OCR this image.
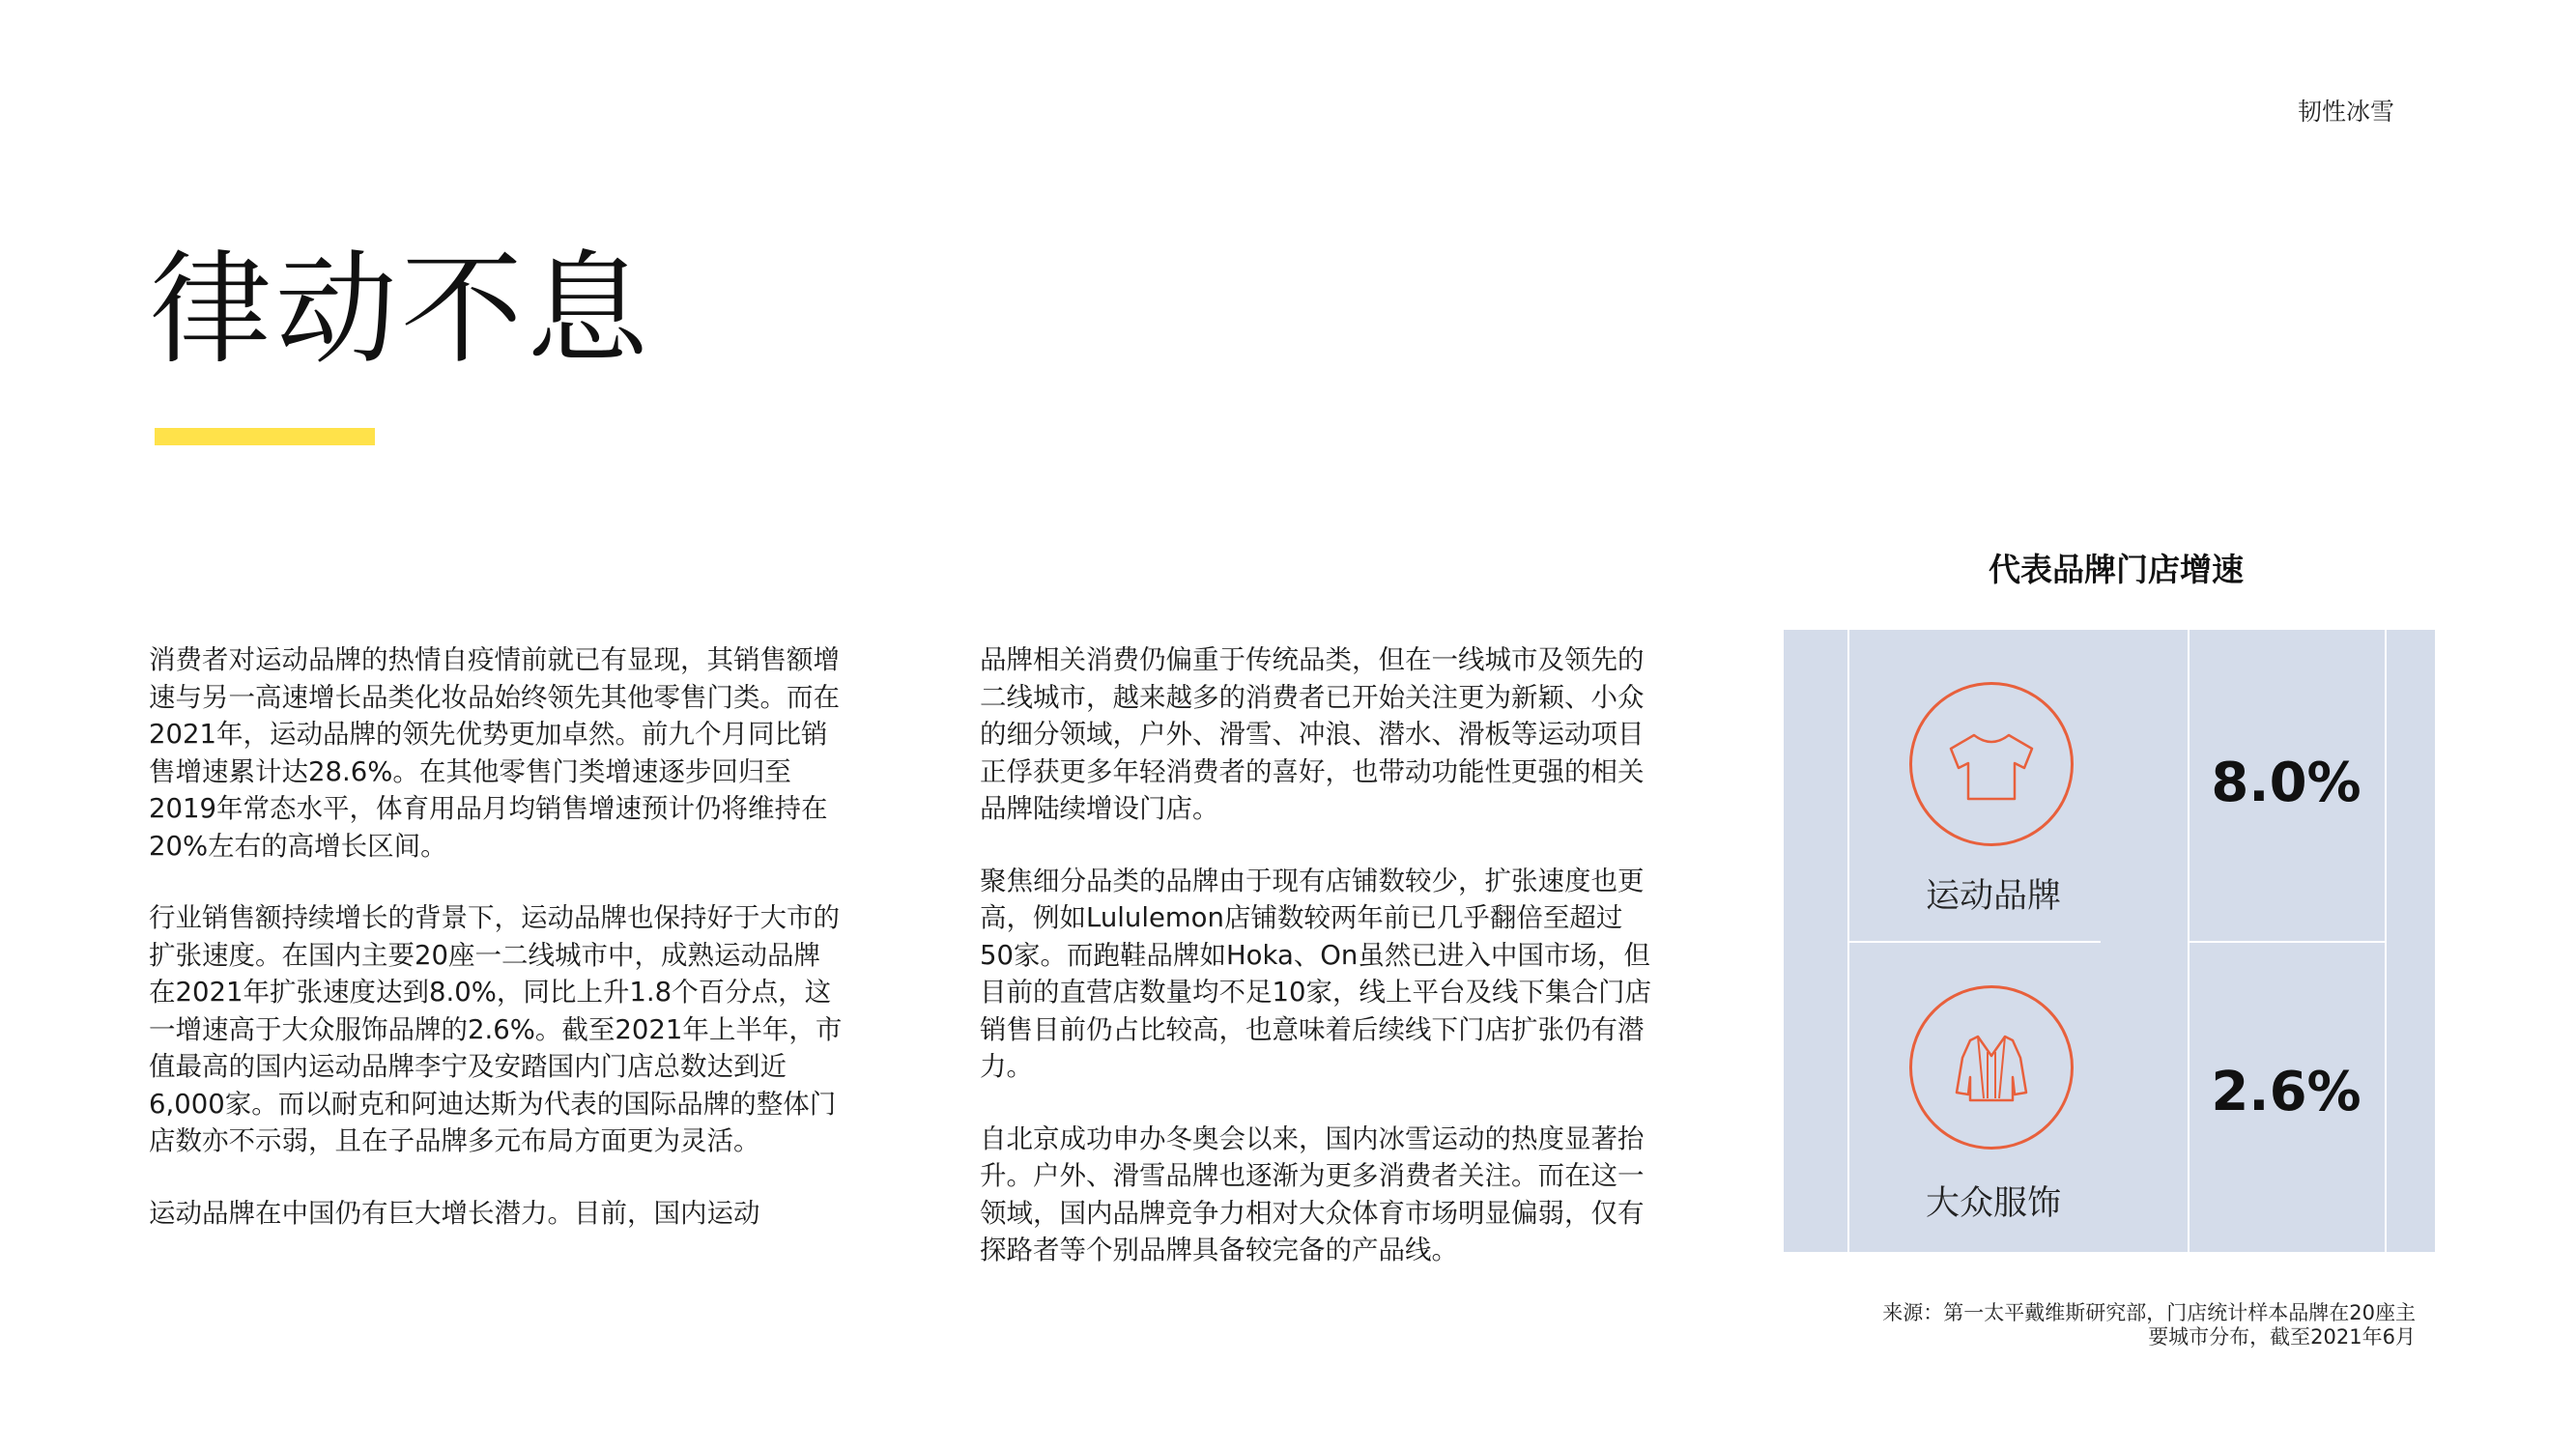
韧性冰雪
律动不息

消费者对运动品牌的热情自疫情前就已有显现，其销售额增速与另一高速增长品类化妆品始终领先其他零售门类。而在2021年，运动品牌的领先优势更加卓然。前九个月同比销售增速累计达28.6%。在其他零售门类增速逐步回归至2019年常态水平，体育用品月均销售增速预计仍将维持在20%左右的高增长区间。

行业销售额持续增长的背景下，运动品牌也保持好于大市的扩张速度。在国内主要20座一二线城市中，成熟运动品牌在2021年扩张速度达到8.0%，同比上升1.8个百分点，这一增速高于大众服饰品牌的2.6%。截至2021年上半年，市值最高的国内运动品牌李宁及安踏国内门店总数达到近6,000家。而以耐克和阿迪达斯为代表的国际品牌的整体门店数亦不示弱，且在子品牌多元布局方面更为灵活。

运动品牌在中国仍有巨大增长潜力。目前，国内运动

品牌相关消费仍偏重于传统品类，但在一线城市及领先的二线城市，越来越多的消费者已开始关注更为新颖、小众的细分领域，户外、滑雪、冲浪、潜水、滑板等运动项目正俘获更多年轻消费者的喜好，也带动功能性更强的相关品牌陆续增设门店。

聚焦细分品类的品牌由于现有店铺数较少，扩张速度也更高，例如Lululemon店铺数较两年前已几乎翻倍至超过50家。而跑鞋品牌如Hoka、On虽然已进入中国市场，但目前的直营店数量均不足10家，线上平台及线下集合门店销售目前仍占比较高，也意味着后续线下门店扩张仍有潜力。

自北京成功申办冬奥会以来，国内冰雪运动的热度显著抬升。户外、滑雪品牌也逐渐为更多消费者关注。而在这一领域，国内品牌竞争力相对大众体育市场明显偏弱，仅有探路者等个别品牌具备较完备的产品线。

代表品牌门店增速
运动品牌
8.0%
大众服饰
2.6%
来源：第一太平戴维斯研究部，门店统计样本品牌在20座主
要城市分布，截至2021年6月
